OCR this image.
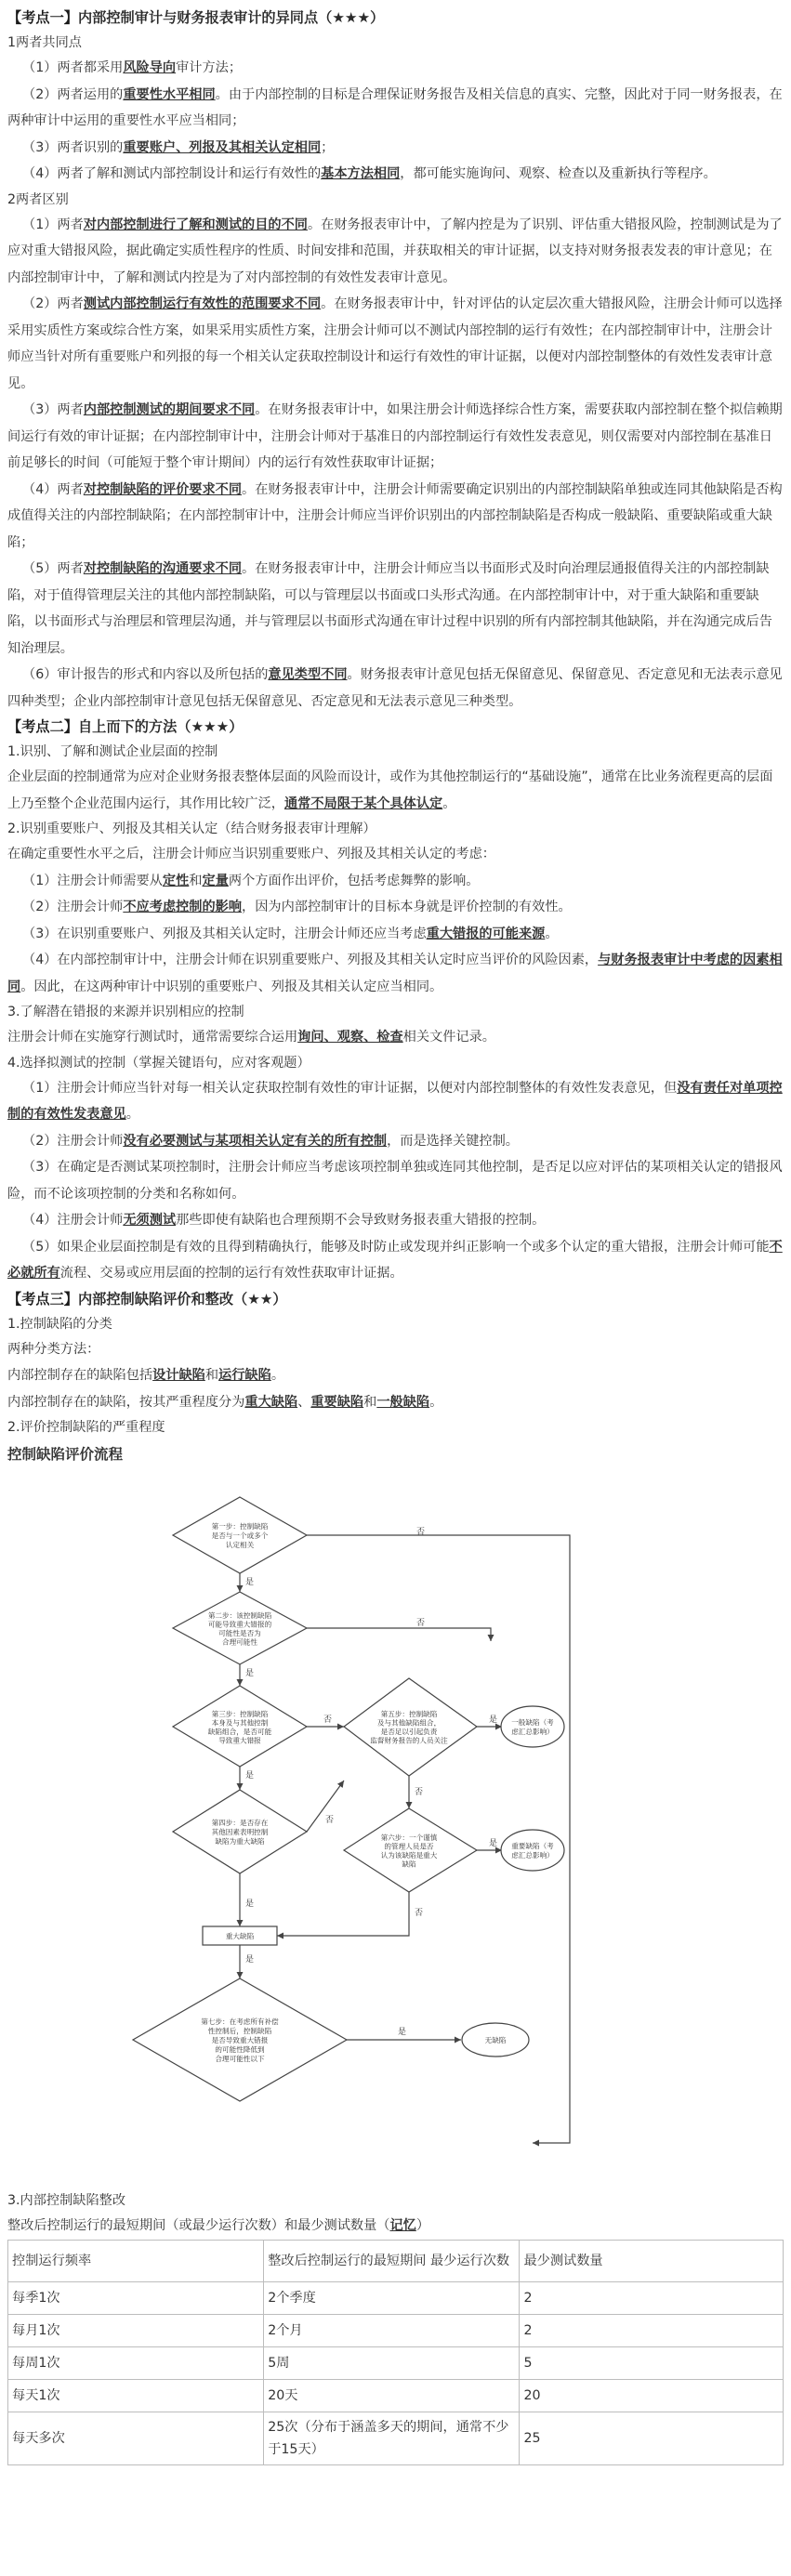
【考点一】内部控制审计与财务报表审计的异同点（★★★）
1两者共同点

（1）两者都采用风险导向审计方法；

（2）两者运用的重要性水平相同。由于内部控制的目标是合理保证财务报告及相关信息的真实、完整，因此对于同一财务报表，在两种审计中运用的重要性水平应当相同；

（3）两者识别的重要账户、列报及其相关认定相同；

（4）两者了解和测试内部控制设计和运行有效性的基本方法相同，都可能实施询问、观察、检查以及重新执行等程序。

2两者区别

（1）两者对内部控制进行了解和测试的目的不同。在财务报表审计中，了解内控是为了识别、评估重大错报风险，控制测试是为了应对重大错报风险，据此确定实质性程序的性质、时间安排和范围，并获取相关的审计证据，以支持对财务报表发表的审计意见；在内部控制审计中，了解和测试内控是为了对内部控制的有效性发表审计意见。

（2）两者测试内部控制运行有效性的范围要求不同。在财务报表审计中，针对评估的认定层次重大错报风险，注册会计师可以选择采用实质性方案或综合性方案，如果采用实质性方案，注册会计师可以不测试内部控制的运行有效性；在内部控制审计中，注册会计师应当针对所有重要账户和列报的每一个相关认定获取控制设计和运行有效性的审计证据，以便对内部控制整体的有效性发表审计意见。

（3）两者内部控制测试的期间要求不同。在财务报表审计中，如果注册会计师选择综合性方案，需要获取内部控制在整个拟信赖期间运行有效的审计证据；在内部控制审计中，注册会计师对于基准日的内部控制运行有效性发表意见，则仅需要对内部控制在基准日前足够长的时间（可能短于整个审计期间）内的运行有效性获取审计证据；

（4）两者对控制缺陷的评价要求不同。在财务报表审计中，注册会计师需要确定识别出的内部控制缺陷单独或连同其他缺陷是否构成值得关注的内部控制缺陷；在内部控制审计中，注册会计师应当评价识别出的内部控制缺陷是否构成一般缺陷、重要缺陷或重大缺陷；

（5）两者对控制缺陷的沟通要求不同。在财务报表审计中，注册会计师应当以书面形式及时向治理层通报值得关注的内部控制缺陷，对于值得管理层关注的其他内部控制缺陷，可以与管理层以书面或口头形式沟通。在内部控制审计中，对于重大缺陷和重要缺陷，以书面形式与治理层和管理层沟通，并与管理层以书面形式沟通在审计过程中识别的所有内部控制其他缺陷，并在沟通完成后告知治理层。

（6）审计报告的形式和内容以及所包括的意见类型不同。财务报表审计意见包括无保留意见、保留意见、否定意见和无法表示意见四种类型；企业内部控制审计意见包括无保留意见、否定意见和无法表示意见三种类型。

【考点二】自上而下的方法（★★★）
1.识别、了解和测试企业层面的控制

企业层面的控制通常为应对企业财务报表整体层面的风险而设计，或作为其他控制运行的“基础设施”，通常在比业务流程更高的层面上乃至整个企业范围内运行，其作用比较广泛，通常不局限于某个具体认定。

2.识别重要账户、列报及其相关认定（结合财务报表审计理解）

在确定重要性水平之后，注册会计师应当识别重要账户、列报及其相关认定的考虑：

（1）注册会计师需要从定性和定量两个方面作出评价，包括考虑舞弊的影响。

（2）注册会计师不应考虑控制的影响，因为内部控制审计的目标本身就是评价控制的有效性。

（3）在识别重要账户、列报及其相关认定时，注册会计师还应当考虑重大错报的可能来源。

（4）在内部控制审计中，注册会计师在识别重要账户、列报及其相关认定时应当评价的风险因素，与财务报表审计中考虑的因素相同。因此，在这两种审计中识别的重要账户、列报及其相关认定应当相同。

3.了解潜在错报的来源并识别相应的控制

注册会计师在实施穿行测试时，通常需要综合运用询问、观察、检查相关文件记录。

4.选择拟测试的控制（掌握关键语句，应对客观题）

（1）注册会计师应当针对每一相关认定获取控制有效性的审计证据，以便对内部控制整体的有效性发表意见，但没有责任对单项控制的有效性发表意见。

（2）注册会计师没有必要测试与某项相关认定有关的所有控制，而是选择关键控制。

（3）在确定是否测试某项控制时，注册会计师应当考虑该项控制单独或连同其他控制，是否足以应对评估的某项相关认定的错报风险，而不论该项控制的分类和名称如何。

（4）注册会计师无须测试那些即使有缺陷也合理预期不会导致财务报表重大错报的控制。

（5）如果企业层面控制是有效的且得到精确执行，能够及时防止或发现并纠正影响一个或多个认定的重大错报，注册会计师可能不必就所有流程、交易或应用层面的控制的运行有效性获取审计证据。

【考点三】内部控制缺陷评价和整改（★★）
1.控制缺陷的分类

两种分类方法：

内部控制存在的缺陷包括设计缺陷和运行缺陷。

内部控制存在的缺陷，按其严重程度分为重大缺陷、重要缺陷和一般缺陷。

2.评价控制缺陷的严重程度
控制缺陷评价流程
第一步：控制缺陷
是否与一个或多个
认定相关
第二步：该控制缺陷
可能导致重大错报的
可能性是否为
合理可能性
第三步：控制缺陷
本身及与其他控制
缺陷组合，是否可能
导致重大错报
第四步：是否存在
其他因素表明控制
缺陷为重大缺陷
第五步：控制缺陷
及与其他缺陷组合，
是否足以引起负责
监督财务报告的人员关注
第六步：一个谨慎
的管理人员是否
认为该缺陷是重大
缺陷
第七步：在考虑所有补偿
性控制后，控制缺陷
是否导致重大错报
的可能性降低到
合理可能性以下
一般缺陷（考
虑汇总影响）
重要缺陷（考
虑汇总影响）
重大缺陷
无缺陷
是
是
是
是
是
否
否
否	是
否
是
否
否
是
3.内部控制缺陷整改

整改后控制运行的最短期间（或最少运行次数）和最少测试数量（记忆）

控制运行频率	整改后控制运行的最短期间 最少运行次数	最少测试数量
每季1次	2个季度	2
每月1次	2个月	2
每周1次	5周	5
每天1次	20天	20
每天多次	25次（分布于涵盖多天的期间，通常不少于15天）	25
